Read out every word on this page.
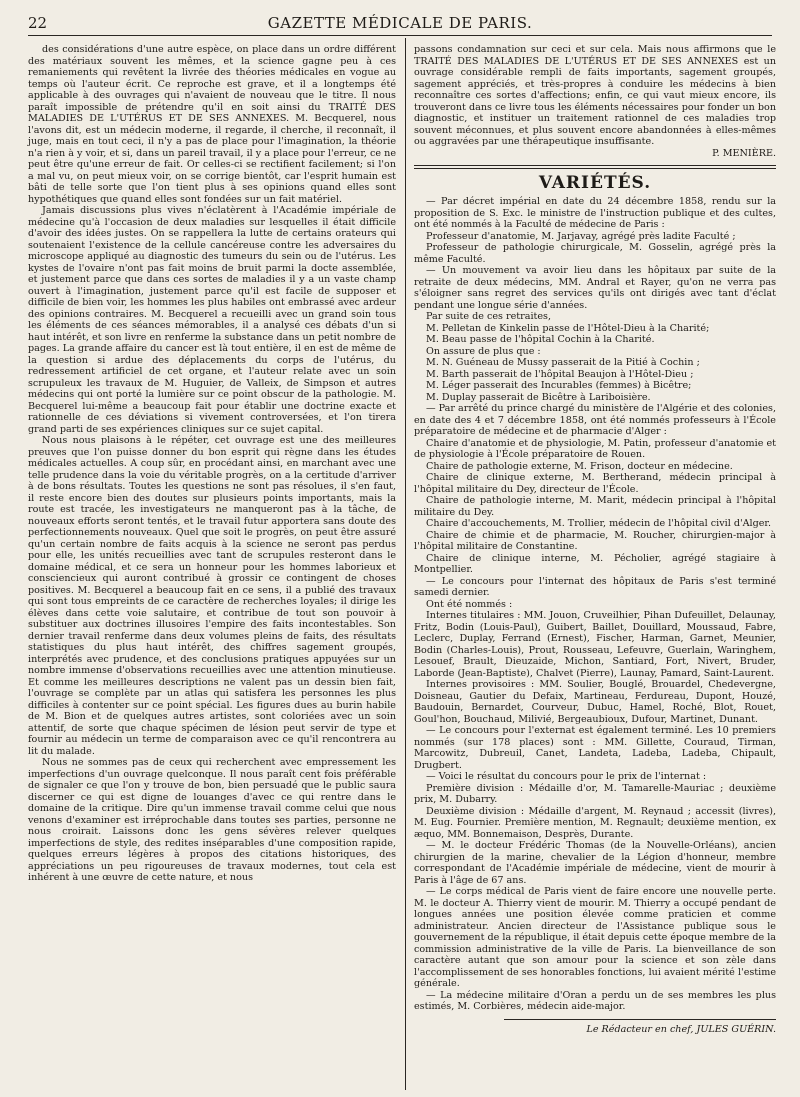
22	GAZETTE MÉDICALE DE PARIS.

des considérations d'une autre espèce, on place dans un ordre différent des matériaux souvent les mêmes, et la science gagne peu à ces remaniements qui revêtent la livrée des théories médicales en vogue au temps où l'auteur écrit. Ce reproche est grave, et il a longtemps été applicable à des ouvrages qui n'avaient de nouveau que le titre. Il nous paraît impossible de prétendre qu'il en soit ainsi du TRAITÉ DES MALADIES DE L'UTÉRUS ET DE SES ANNEXES. M. Becquerel, nous l'avons dit, est un médecin moderne, il regarde, il cherche, il reconnaît, il juge, mais en tout ceci, il n'y a pas de place pour l'imagination, la théorie n'a rien à y voir, et si, dans un pareil travail, il y a place pour l'erreur, ce ne peut être qu'une erreur de fait. Or celles-ci se rectifient facilement; si l'on a mal vu, on peut mieux voir, on se corrige bientôt, car l'esprit humain est bâti de telle sorte que l'on tient plus à ses opinions quand elles sont hypothétiques que quand elles sont fondées sur un fait matériel.

Jamais discussions plus vives n'éclatèrent à l'Académie impériale de médecine qu'à l'occasion de deux maladies sur lesquelles il était difficile d'avoir des idées justes. On se rappellera la lutte de certains orateurs qui soutenaient l'existence de la cellule cancéreuse contre les adversaires du microscope appliqué au diagnostic des tumeurs du sein ou de l'utérus. Les kystes de l'ovaire n'ont pas fait moins de bruit parmi la docte assemblée, et justement parce que dans ces sortes de maladies il y a un vaste champ ouvert à l'imagination, justement parce qu'il est facile de supposer et difficile de bien voir, les hommes les plus habiles ont embrassé avec ardeur des opinions contraires. M. Becquerel a recueilli avec un grand soin tous les éléments de ces séances mémorables, il a analysé ces débats d'un si haut intérêt, et son livre en renferme la substance dans un petit nombre de pages. La grande affaire du cancer est là tout entière, il en est de même de la question si ardue des déplacements du corps de l'utérus, du redressement artificiel de cet organe, et l'auteur relate avec un soin scrupuleux les travaux de M. Huguier, de Valleix, de Simpson et autres médecins qui ont porté la lumière sur ce point obscur de la pathologie. M. Becquerel lui-même a beaucoup fait pour établir une doctrine exacte et rationnelle de ces déviations si vivement controversées, et l'on tirera grand parti de ses expériences cliniques sur ce sujet capital.

Nous nous plaisons à le répéter, cet ouvrage est une des meilleures preuves que l'on puisse donner du bon esprit qui règne dans les études médicales actuelles. A coup sûr, en procédant ainsi, en marchant avec une telle prudence dans la voie du véritable progrès, on a la certitude d'arriver à de bons résultats. Toutes les questions ne sont pas résolues, il s'en faut, il reste encore bien des doutes sur plusieurs points importants, mais la route est tracée, les investigateurs ne manqueront pas à la tâche, de nouveaux efforts seront tentés, et le travail futur apportera sans doute des perfectionnements nouveaux. Quel que soit le progrès, on peut être assuré qu'un certain nombre de faits acquis à la science ne seront pas perdus pour elle, les unités recueillies avec tant de scrupules resteront dans le domaine médical, et ce sera un honneur pour les hommes laborieux et consciencieux qui auront contribué à grossir ce contingent de choses positives. M. Becquerel a beaucoup fait en ce sens, il a publié des travaux qui sont tous empreints de ce caractère de recherches loyales; il dirige les élèves dans cette voie salutaire, et contribue de tout son pouvoir à substituer aux doctrines illusoires l'empire des faits incontestables. Son dernier travail renferme dans deux volumes pleins de faits, des résultats statistiques du plus haut intérêt, des chiffres sagement groupés, interprétés avec prudence, et des conclusions pratiques appuyées sur un nombre immense d'observations recueillies avec une attention minutieuse. Et comme les meilleures descriptions ne valent pas un dessin bien fait, l'ouvrage se complète par un atlas qui satisfera les personnes les plus difficiles à contenter sur ce point spécial. Les figures dues au burin habile de M. Bion et de quelques autres artistes, sont coloriées avec un soin attentif, de sorte que chaque spécimen de lésion peut servir de type et fournir au médecin un terme de comparaison avec ce qu'il rencontrera au lit du malade.

Nous ne sommes pas de ceux qui recherchent avec empressement les imperfections d'un ouvrage quelconque. Il nous paraît cent fois préférable de signaler ce que l'on y trouve de bon, bien persuadé que le public saura discerner ce qui est digne de louanges d'avec ce qui rentre dans le domaine de la critique. Dire qu'un immense travail comme celui que nous venons d'examiner est irréprochable dans toutes ses parties, personne ne nous croirait. Laissons donc les gens sévères relever quelques imperfections de style, des redites inséparables d'une composition rapide, quelques erreurs légères à propos des citations historiques, des appréciations un peu rigoureuses de travaux modernes, tout cela est inhérent à une œuvre de cette nature, et nous

passons condamnation sur ceci et sur cela. Mais nous affirmons que le TRAITÉ DES MALADIES DE L'UTÉRUS ET DE SES ANNEXES est un ouvrage considérable rempli de faits importants, sagement groupés, sagement appréciés, et très-propres à conduire les médecins à bien reconnaître ces sortes d'affections; enfin, ce qui vaut mieux encore, ils trouveront dans ce livre tous les éléments nécessaires pour fonder un bon diagnostic, et instituer un traitement rationnel de ces maladies trop souvent méconnues, et plus souvent encore abandonnées à elles-mêmes ou aggravées par une thérapeutique insuffisante.

P. MENIÈRE.

VARIÉTÉS.

— Par décret impérial en date du 24 décembre 1858, rendu sur la proposition de S. Exc. le ministre de l'instruction publique et des cultes, ont été nommés à la Faculté de médecine de Paris :

Professeur d'anatomie, M. Jarjavay, agrégé près ladite Faculté ;

Professeur de pathologie chirurgicale, M. Gosselin, agrégé près la même Faculté.

— Un mouvement va avoir lieu dans les hôpitaux par suite de la retraite de deux médecins, MM. Andral et Rayer, qu'on ne verra pas s'éloigner sans regret des services qu'ils ont dirigés avec tant d'éclat pendant une longue série d'années.

Par suite de ces retraites,

M. Pelletan de Kinkelin passe de l'Hôtel-Dieu à la Charité;

M. Beau passe de l'hôpital Cochin à la Charité.

On assure de plus que :

M. N. Guéneau de Mussy passerait de la Pitié à Cochin ;

M. Barth passerait de l'hôpital Beaujon à l'Hôtel-Dieu ;

M. Léger passerait des Incurables (femmes) à Bicêtre;

M. Duplay passerait de Bicêtre à Lariboisière.

— Par arrêté du prince chargé du ministère de l'Algérie et des colonies, en date des 4 et 7 décembre 1858, ont été nommés professeurs à l'École préparatoire de médecine et de pharmacie d'Alger :

Chaire d'anatomie et de physiologie, M. Patin, professeur d'anatomie et de physiologie à l'École préparatoire de Rouen.

Chaire de pathologie externe, M. Frison, docteur en médecine.

Chaire de clinique externe, M. Bertherand, médecin principal à l'hôpital militaire du Dey, directeur de l'École.

Chaire de pathologie interne, M. Marit, médecin principal à l'hôpital militaire du Dey.

Chaire d'accouchements, M. Trollier, médecin de l'hôpital civil d'Alger.

Chaire de chimie et de pharmacie, M. Roucher, chirurgien-major à l'hôpital militaire de Constantine.

Chaire de clinique interne, M. Pécholier, agrégé stagiaire à Montpellier.

— Le concours pour l'internat des hôpitaux de Paris s'est terminé samedi dernier.

Ont été nommés :

Internes titulaires : MM. Jouon, Cruveilhier, Pihan Dufeuillet, Delaunay, Fritz, Bodin (Louis-Paul), Guibert, Baillet, Douillard, Moussaud, Fabre, Leclerc, Duplay, Ferrand (Ernest), Fischer, Harman, Garnet, Meunier, Bodin (Charles-Louis), Prout, Rousseau, Lefeuvre, Guerlain, Waringhem, Lesouef, Brault, Dieuzaide, Michon, Santiard, Fort, Nivert, Bruder, Laborde (Jean-Baptiste), Chalvet (Pierre), Launay, Pamard, Saint-Laurent.

Internes provisoires : MM. Soulier, Bouglé, Brouardel, Chedevergne, Doisneau, Gautier du Defaix, Martineau, Ferdureau, Dupont, Houzé, Baudouin, Bernardet, Courveur, Dubuc, Hamel, Roché, Blot, Rouet, Goul'hon, Bouchaud, Milivié, Bergeaubioux, Dufour, Martinet, Dunant.

— Le concours pour l'externat est également terminé. Les 10 premiers nommés (sur 178 places) sont : MM. Gillette, Couraud, Tirman, Marcowitz, Dubreuil, Canet, Landeta, Ladeba, Ladeba, Chipault, Drugbert.

— Voici le résultat du concours pour le prix de l'internat :

Première division : Médaille d'or, M. Tamarelle-Mauriac ; deuxième prix, M. Dubarry.

Deuxième division : Médaille d'argent, M. Reynaud ; accessit (livres), M. Eug. Fournier. Première mention, M. Regnault; deuxième mention, ex æquo, MM. Bonnemaison, Desprès, Durante.

— M. le docteur Frédéric Thomas (de la Nouvelle-Orléans), ancien chirurgien de la marine, chevalier de la Légion d'honneur, membre correspondant de l'Académie impériale de médecine, vient de mourir à Paris à l'âge de 67 ans.

— Le corps médical de Paris vient de faire encore une nouvelle perte. M. le docteur A. Thierry vient de mourir. M. Thierry a occupé pendant de longues années une position élevée comme praticien et comme administrateur. Ancien directeur de l'Assistance publique sous le gouvernement de la république, il était depuis cette époque membre de la commission administrative de la ville de Paris. La bienveillance de son caractère autant que son amour pour la science et son zèle dans l'accomplissement de ses honorables fonctions, lui avaient mérité l'estime générale.

— La médecine militaire d'Oran a perdu un de ses membres les plus estimés, M. Corbières, médecin aide-major.

Le Rédacteur en chef, JULES GUÉRIN.
